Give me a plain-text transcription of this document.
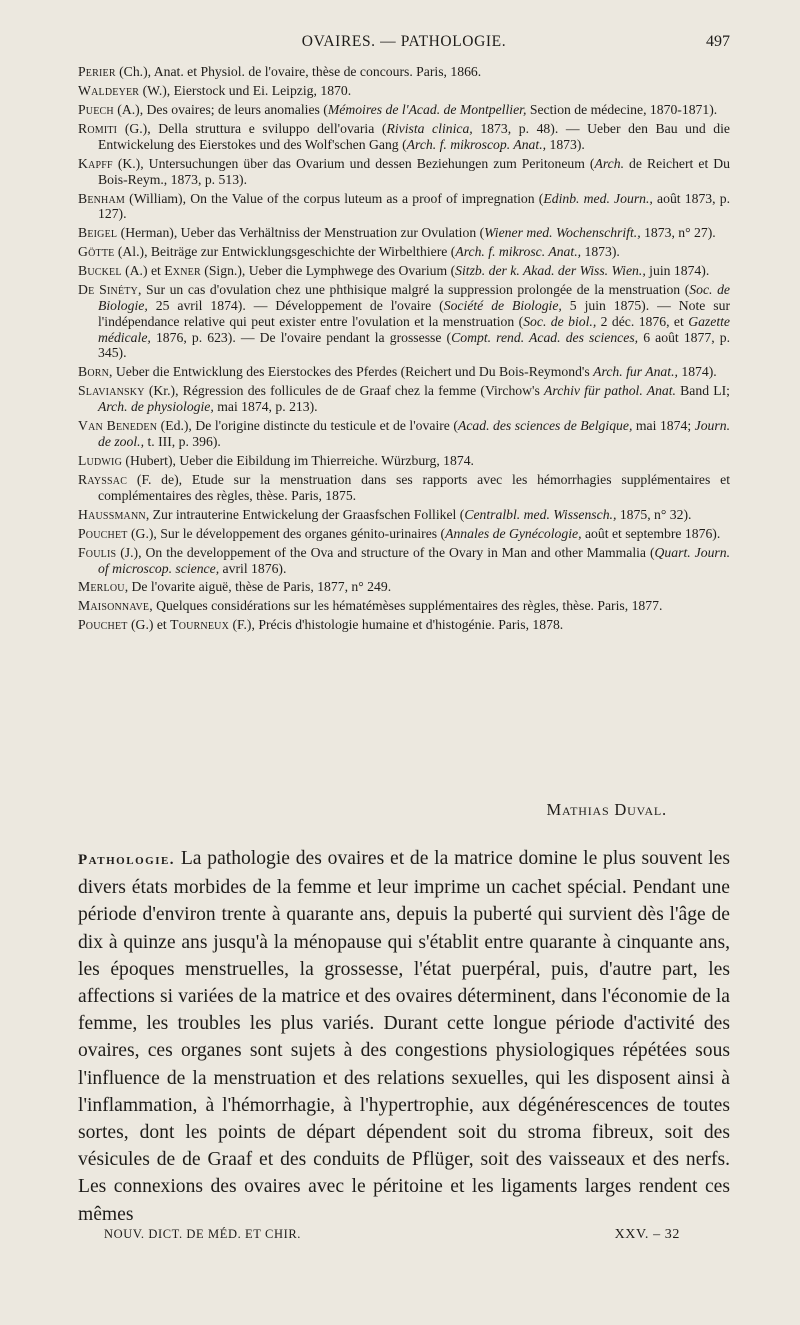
OVAIRES. — PATHOLOGIE.	497

Perier (Ch.), Anat. et Physiol. de l'ovaire, thèse de concours. Paris, 1866.

Waldeyer (W.), Eierstock und Ei. Leipzig, 1870.

Puech (A.), Des ovaires; de leurs anomalies (Mémoires de l'Acad. de Montpellier, Section de médecine, 1870-1871).

Romiti (G.), Della struttura e sviluppo dell'ovaria (Rivista clinica, 1873, p. 48). — Ueber den Bau und die Entwickelung des Eierstokes und des Wolf'schen Gang (Arch. f. mikroscop. Anat., 1873).

Kapff (K.), Untersuchungen über das Ovarium und dessen Beziehungen zum Peritoneum (Arch. de Reichert et Du Bois-Reym., 1873, p. 513).

Benham (William), On the Value of the corpus luteum as a proof of impregnation (Edinb. med. Journ., août 1873, p. 127).

Beigel (Herman), Ueber das Verhältniss der Menstruation zur Ovulation (Wiener med. Wochenschrift., 1873, n° 27).

Götte (Al.), Beiträge zur Entwicklungsgeschichte der Wirbelthiere (Arch. f. mikrosc. Anat., 1873).

Buckel (A.) et Exner (Sign.), Ueber die Lymphwege des Ovarium (Sitzb. der k. Akad. der Wiss. Wien., juin 1874).

De Sinéty, Sur un cas d'ovulation chez une phthisique malgré la suppression prolongée de la menstruation (Soc. de Biologie, 25 avril 1874). — Développement de l'ovaire (Société de Biologie, 5 juin 1875). — Note sur l'indépendance relative qui peut exister entre l'ovulation et la menstruation (Soc. de biol., 2 déc. 1876, et Gazette médicale, 1876, p. 623). — De l'ovaire pendant la grossesse (Compt. rend. Acad. des sciences, 6 août 1877, p. 345).

Born, Ueber die Entwicklung des Eierstockes des Pferdes (Reichert und Du Bois-Reymond's Arch. fur Anat., 1874).

Slaviansky (Kr.), Régression des follicules de de Graaf chez la femme (Virchow's Archiv für pathol. Anat. Band LI; Arch. de physiologie, mai 1874, p. 213).

Van Beneden (Ed.), De l'origine distincte du testicule et de l'ovaire (Acad. des sciences de Belgique, mai 1874; Journ. de zool., t. III, p. 396).

Ludwig (Hubert), Ueber die Eibildung im Thierreiche. Würzburg, 1874.

Rayssac (F. de), Etude sur la menstruation dans ses rapports avec les hémorrhagies supplémentaires et complémentaires des règles, thèse. Paris, 1875.

Haussmann, Zur intrauterine Entwickelung der Graasfschen Follikel (Centralbl. med. Wissensch., 1875, n° 32).

Pouchet (G.), Sur le développement des organes génito-urinaires (Annales de Gynécologie, août et septembre 1876).

Foulis (J.), On the developpement of the Ova and structure of the Ovary in Man and other Mammalia (Quart. Journ. of microscop. science, avril 1876).

Merlou, De l'ovarite aiguë, thèse de Paris, 1877, n° 249.

Maisonnave, Quelques considérations sur les hématémèses supplémentaires des règles, thèse. Paris, 1877.

Pouchet (G.) et Tourneux (F.), Précis d'histologie humaine et d'histogénie. Paris, 1878.

Mathias Duval.
Pathologie. La pathologie des ovaires et de la matrice domine le plus souvent les divers états morbides de la femme et leur imprime un cachet spécial. Pendant une période d'environ trente à quarante ans, depuis la puberté qui survient dès l'âge de dix à quinze ans jusqu'à la ménopause qui s'établit entre quarante à cinquante ans, les époques menstruelles, la grossesse, l'état puerpéral, puis, d'autre part, les affections si variées de la matrice et des ovaires déterminent, dans l'économie de la femme, les troubles les plus variés. Durant cette longue période d'activité des ovaires, ces organes sont sujets à des congestions physiologiques répétées sous l'influence de la menstruation et des relations sexuelles, qui les disposent ainsi à l'inflammation, à l'hémorrhagie, à l'hypertrophie, aux dégénérescences de toutes sortes, dont les points de départ dépendent soit du stroma fibreux, soit des vésicules de de Graaf et des conduits de Pflüger, soit des vaisseaux et des nerfs. Les connexions des ovaires avec le péritoine et les ligaments larges rendent ces mêmes
NOUV. DICT. DE MÉD. ET CHIR.	XXV. – 32
